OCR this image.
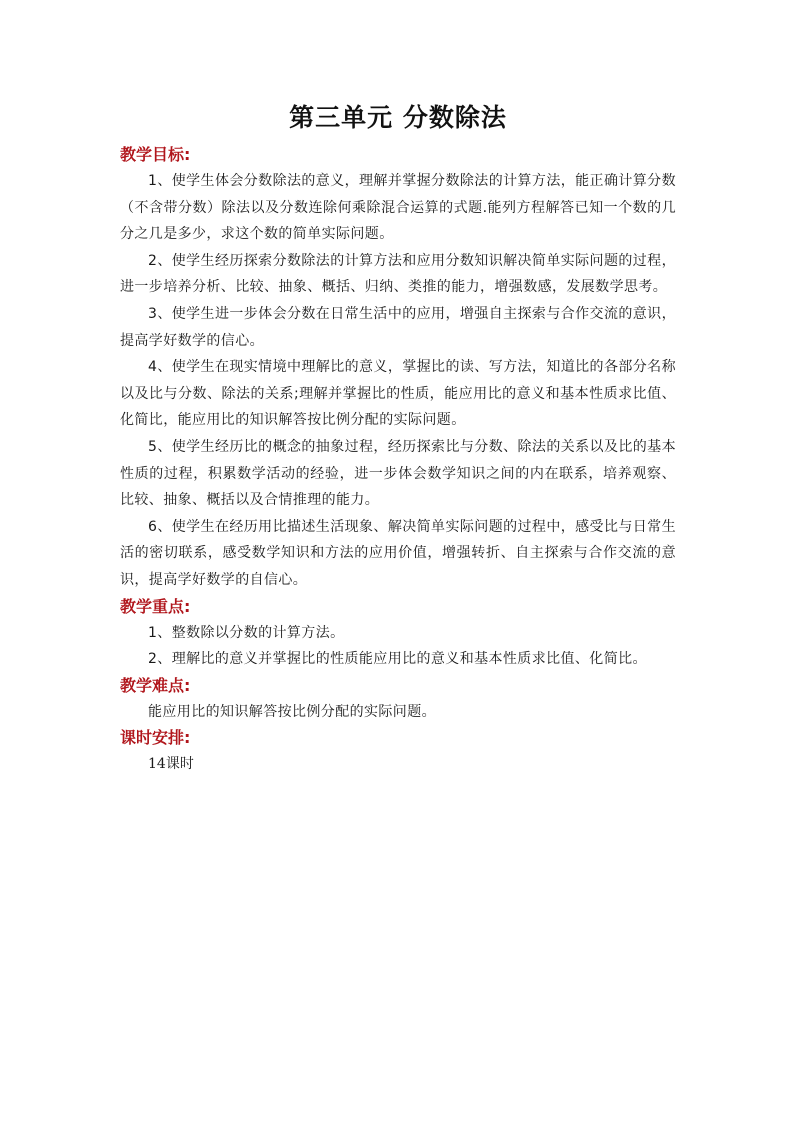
第三单元 分数除法
教学目标:

1、使学生体会分数除法的意义，理解并掌握分数除法的计算方法，能正确计算分数（不含带分数）除法以及分数连除何乘除混合运算的式题.能列方程解答已知一个数的几分之几是多少，求这个数的简单实际问题。

2、使学生经历探索分数除法的计算方法和应用分数知识解决简单实际问题的过程，进一步培养分析、比较、抽象、概括、归纳、类推的能力，增强数感，发展数学思考。

3、使学生进一步体会分数在日常生活中的应用，增强自主探索与合作交流的意识，提高学好数学的信心。

4、使学生在现实情境中理解比的意义，掌握比的读、写方法，知道比的各部分名称以及比与分数、除法的关系;理解并掌握比的性质，能应用比的意义和基本性质求比值、化简比，能应用比的知识解答按比例分配的实际问题。

5、使学生经历比的概念的抽象过程，经历探索比与分数、除法的关系以及比的基本性质的过程，积累数学活动的经验，进一步体会数学知识之间的内在联系，培养观察、比较、抽象、概括以及合情推理的能力。

6、使学生在经历用比描述生活现象、解决简单实际问题的过程中，感受比与日常生活的密切联系，感受数学知识和方法的应用价值，增强转折、自主探索与合作交流的意识，提高学好数学的自信心。

教学重点:

1、整数除以分数的计算方法。

2、理解比的意义并掌握比的性质能应用比的意义和基本性质求比值、化简比。

教学难点:

能应用比的知识解答按比例分配的实际问题。

课时安排:

14课时
